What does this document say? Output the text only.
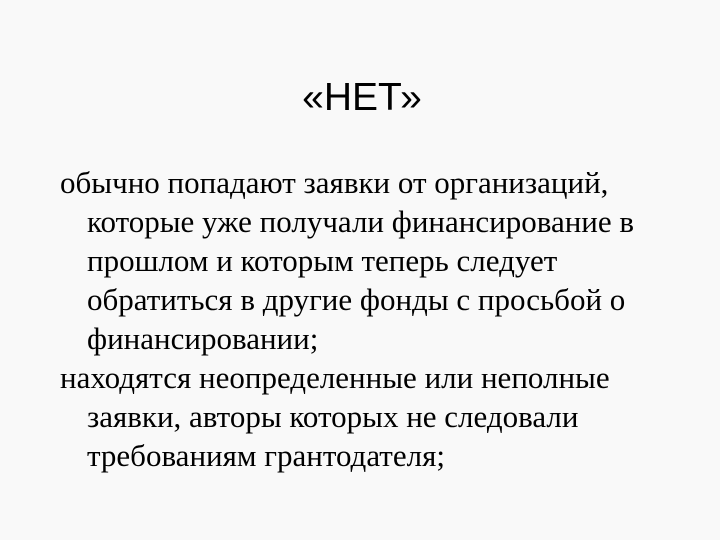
«НЕТ»
обычно попадают заявки от организаций, которые уже получали финансирование в прошлом и которым теперь следует обратиться в другие фонды с просьбой о финансировании;
находятся неопределенные или неполные заявки, авторы которых не следовали требованиям грантодателя;
